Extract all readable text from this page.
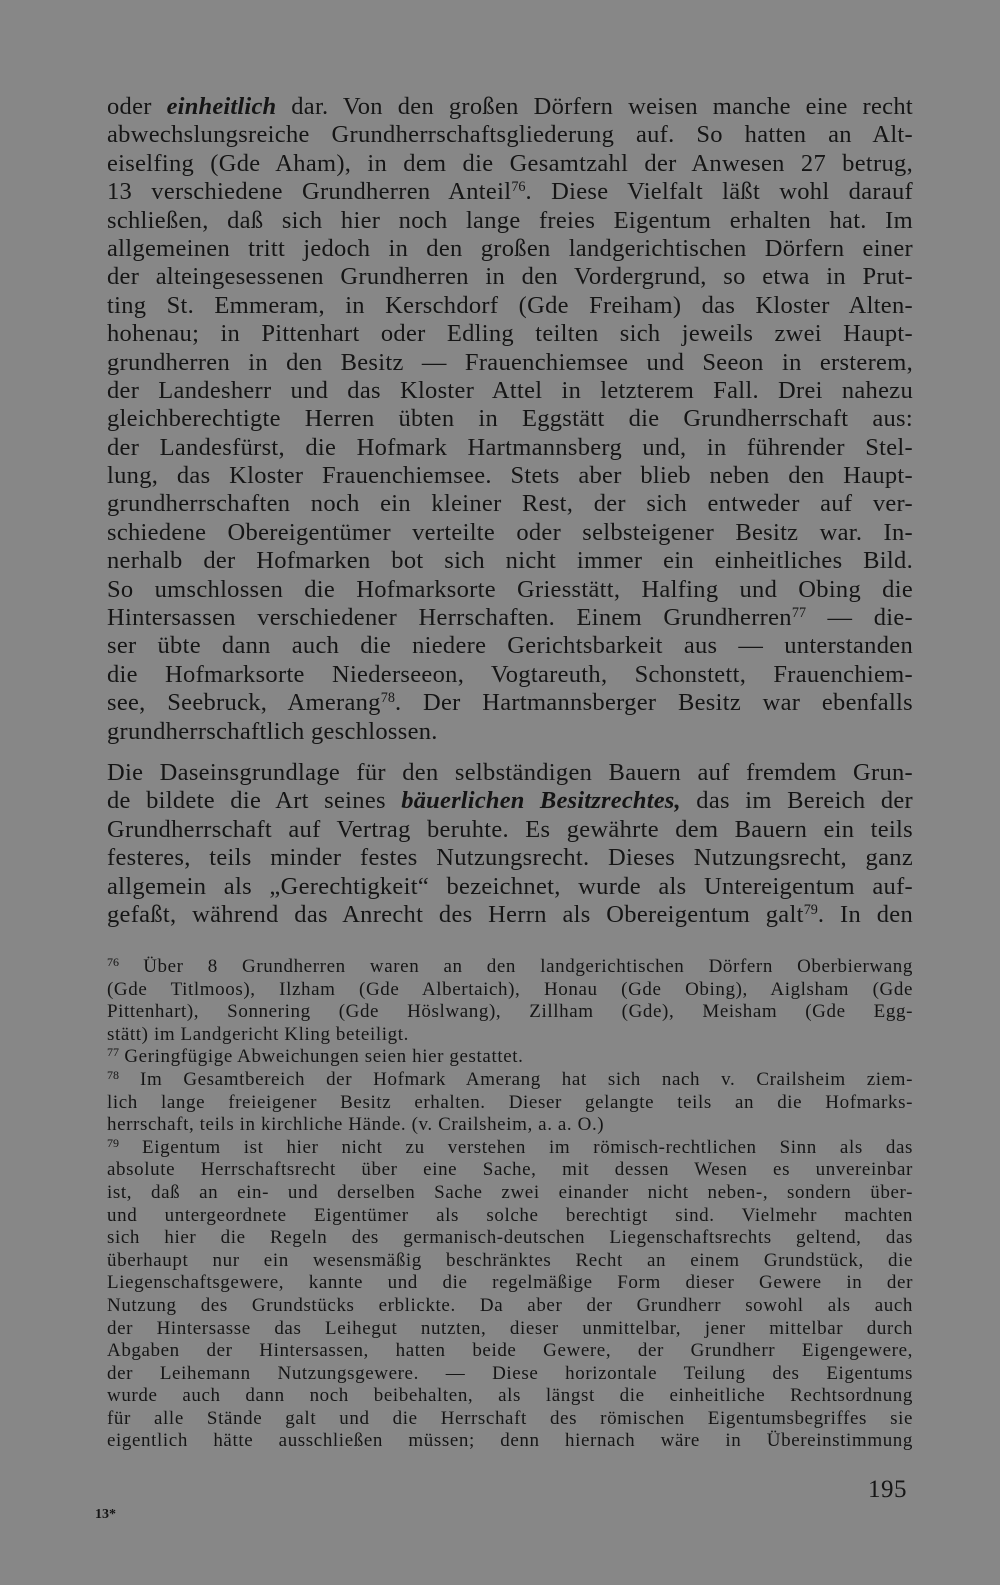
oder einheitlich dar. Von den großen Dörfern weisen manche eine recht
abwechslungsreiche Grundherrschaftsgliederung auf. So hatten an Alt-
eiselfing (Gde Aham), in dem die Gesamtzahl der Anwesen 27 betrug,
13 verschiedene Grundherren Anteil$^{76}$. Diese Vielfalt läßt wohl darauf
schließen, daß sich hier noch lange freies Eigentum erhalten hat. Im
allgemeinen tritt jedoch in den großen landgerichtischen Dörfern einer
der alteingesessenen Grundherren in den Vordergrund, so etwa in Prut-
ting St. Emmeram, in Kerschdorf (Gde Freiham) das Kloster Alten-
hohenau; in Pittenhart oder Edling teilten sich jeweils zwei Haupt-
grundherren in den Besitz — Frauenchiemsee und Seeon in ersterem,
der Landesherr und das Kloster Attel in letzterem Fall. Drei nahezu
gleichberechtigte Herren übten in Eggstätt die Grundherrschaft aus:
der Landesfürst, die Hofmark Hartmannsberg und, in führender Stel-
lung, das Kloster Frauenchiemsee. Stets aber blieb neben den Haupt-
grundherrschaften noch ein kleiner Rest, der sich entweder auf ver-
schiedene Obereigentümer verteilte oder selbsteigener Besitz war. In-
nerhalb der Hofmarken bot sich nicht immer ein einheitliches Bild.
So umschlossen die Hofmarksorte Griesstätt, Halfing und Obing die
Hintersassen verschiedener Herrschaften. Einem Grundherren$^{77}$ — die-
ser übte dann auch die niedere Gerichtsbarkeit aus — unterstanden
die Hofmarksorte Niederseeon, Vogtareuth, Schonstett, Frauenchiem-
see, Seebruck, Amerang$^{78}$. Der Hartmannsberger Besitz war ebenfalls
grundherrschaftlich geschlossen.
Die Daseinsgrundlage für den selbständigen Bauern auf fremdem Grun-
de bildete die Art seines bäuerlichen Besitzrechtes, das im Bereich der
Grundherrschaft auf Vertrag beruhte. Es gewährte dem Bauern ein teils
festeres, teils minder festes Nutzungsrecht. Dieses Nutzungsrecht, ganz
allgemein als „Gerechtigkeit“ bezeichnet, wurde als Untereigentum auf-
gefaßt, während das Anrecht des Herrn als Obereigentum galt$^{79}$. In den
$^{76}$ Über 8 Grundherren waren an den landgerichtischen Dörfern Oberbierwang
(Gde Titlmoos), Ilzham (Gde Albertaich), Honau (Gde Obing), Aiglsham (Gde
Pittenhart), Sonnering (Gde Höslwang), Zillham (Gde), Meisham (Gde Egg-
stätt) im Landgericht Kling beteiligt.
$^{77}$ Geringfügige Abweichungen seien hier gestattet.
$^{78}$ Im Gesamtbereich der Hofmark Amerang hat sich nach v. Crailsheim ziem-
lich lange freieigener Besitz erhalten. Dieser gelangte teils an die Hofmarks-
herrschaft, teils in kirchliche Hände. (v. Crailsheim, a. a. O.)
$^{79}$ Eigentum ist hier nicht zu verstehen im römisch-rechtlichen Sinn als das
absolute Herrschaftsrecht über eine Sache, mit dessen Wesen es unvereinbar
ist, daß an ein- und derselben Sache zwei einander nicht neben-, sondern über-
und untergeordnete Eigentümer als solche berechtigt sind. Vielmehr machten
sich hier die Regeln des germanisch-deutschen Liegenschaftsrechts geltend, das
überhaupt nur ein wesensmäßig beschränktes Recht an einem Grundstück, die
Liegenschaftsgewere, kannte und die regelmäßige Form dieser Gewere in der
Nutzung des Grundstücks erblickte. Da aber der Grundherr sowohl als auch
der Hintersasse das Leihegut nutzten, dieser unmittelbar, jener mittelbar durch
Abgaben der Hintersassen, hatten beide Gewere, der Grundherr Eigengewere,
der Leihemann Nutzungsgewere. — Diese horizontale Teilung des Eigentums
wurde auch dann noch beibehalten, als längst die einheitliche Rechtsordnung
für alle Stände galt und die Herrschaft des römischen Eigentumsbegriffes sie
eigentlich hätte ausschließen müssen; denn hiernach wäre in Übereinstimmung
195
13*
